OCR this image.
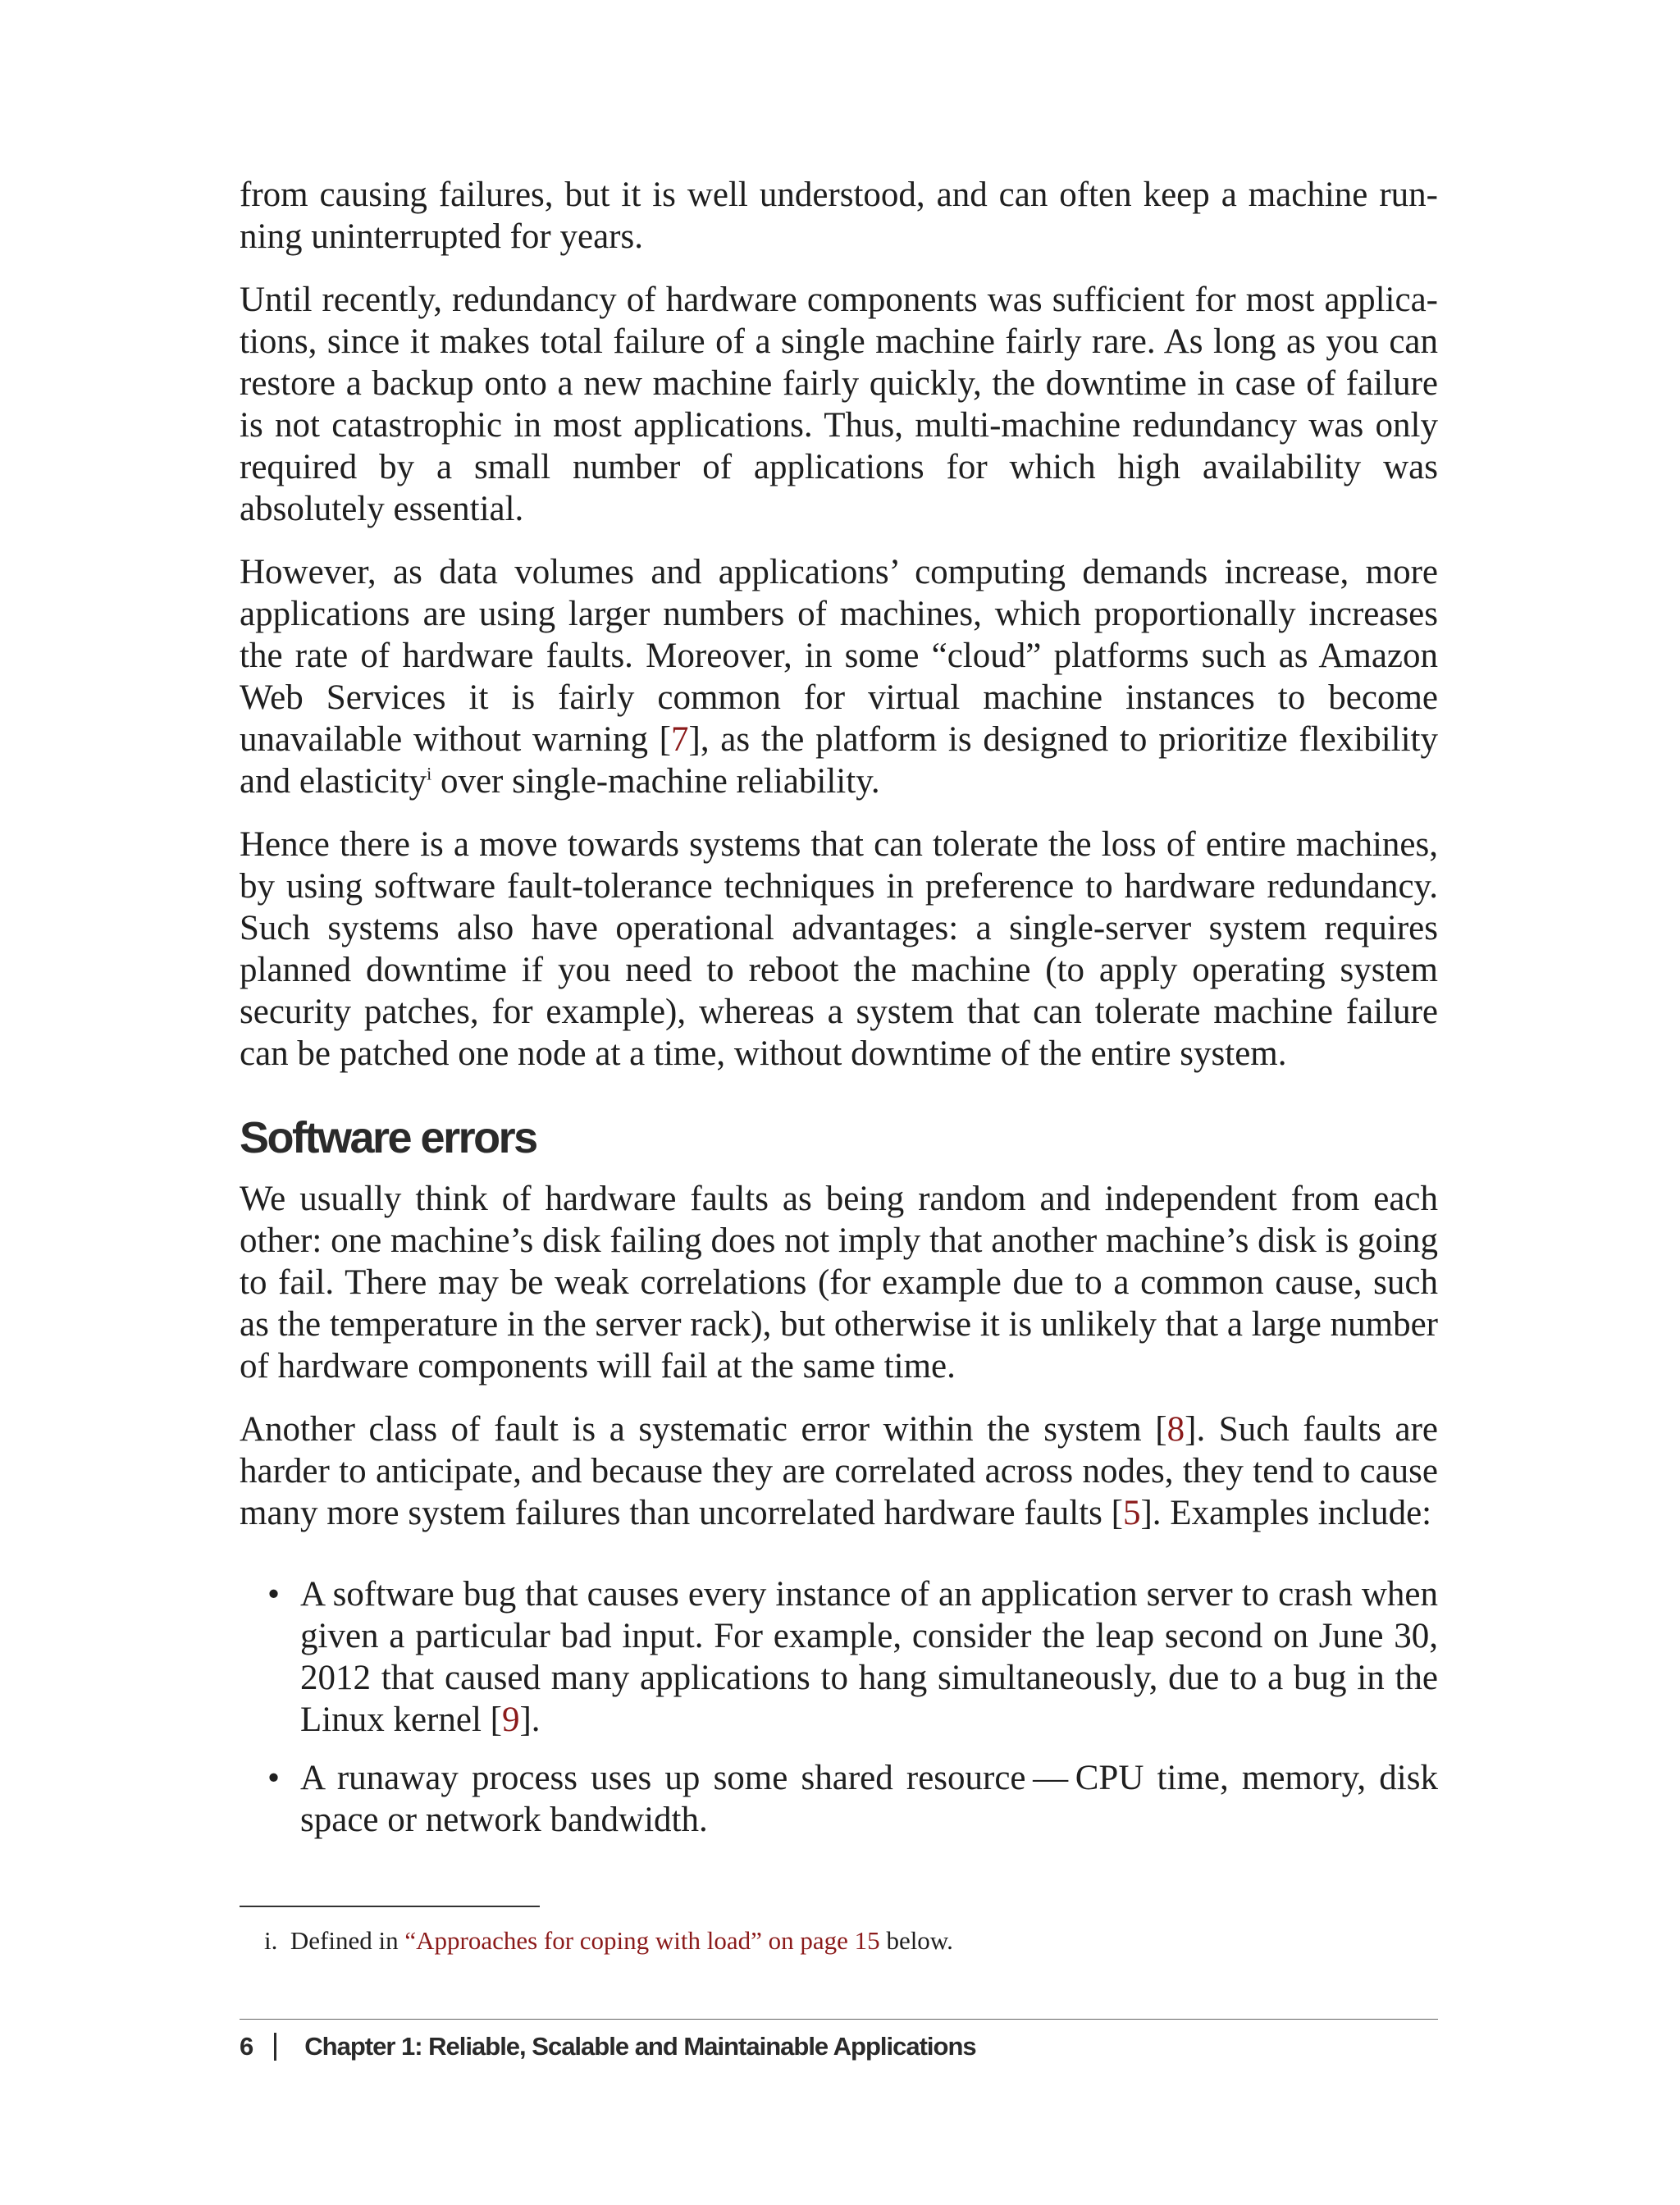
from causing failures, but it is well understood, and can often keep a machine running uninterrupted for years.

Until recently, redundancy of hardware components was sufficient for most applications, since it makes total failure of a single machine fairly rare. As long as you can restore a backup onto a new machine fairly quickly, the downtime in case of failure is not catastrophic in most applications. Thus, multi-machine redundancy was only required by a small number of applications for which high availability was absolutely essential.

However, as data volumes and applications’ computing demands increase, more applications are using larger numbers of machines, which proportionally increases the rate of hardware faults. Moreover, in some “cloud” platforms such as Amazon Web Services it is fairly common for virtual machine instances to become unavailable without warning [7], as the platform is designed to prioritize flexibility and elasticity$^i$ over single-machine reliability.

Hence there is a move towards systems that can tolerate the loss of entire machines, by using software fault-tolerance techniques in preference to hardware redundancy. Such systems also have operational advantages: a single-server system requires planned downtime if you need to reboot the machine (to apply operating system security patches, for example), whereas a system that can tolerate machine failure can be patched one node at a time, without downtime of the entire system.

Software errors

We usually think of hardware faults as being random and independent from each other: one machine’s disk failing does not imply that another machine’s disk is going to fail. There may be weak correlations (for example due to a common cause, such as the temperature in the server rack), but otherwise it is unlikely that a large number of hardware components will fail at the same time.

Another class of fault is a systematic error within the system [8]. Such faults are harder to anticipate, and because they are correlated across nodes, they tend to cause many more system failures than uncorrelated hardware faults [5]. Examples include:

• A software bug that causes every instance of an application server to crash when given a particular bad input. For example, consider the leap second on June 30, 2012 that caused many applications to hang simultaneously, due to a bug in the Linux kernel [9].
• A runaway process uses up some shared resource — CPU time, memory, disk space or network bandwidth.
i. Defined in “Approaches for coping with load” on page 15 below.
6 Chapter 1: Reliable, Scalable and Maintainable Applications
